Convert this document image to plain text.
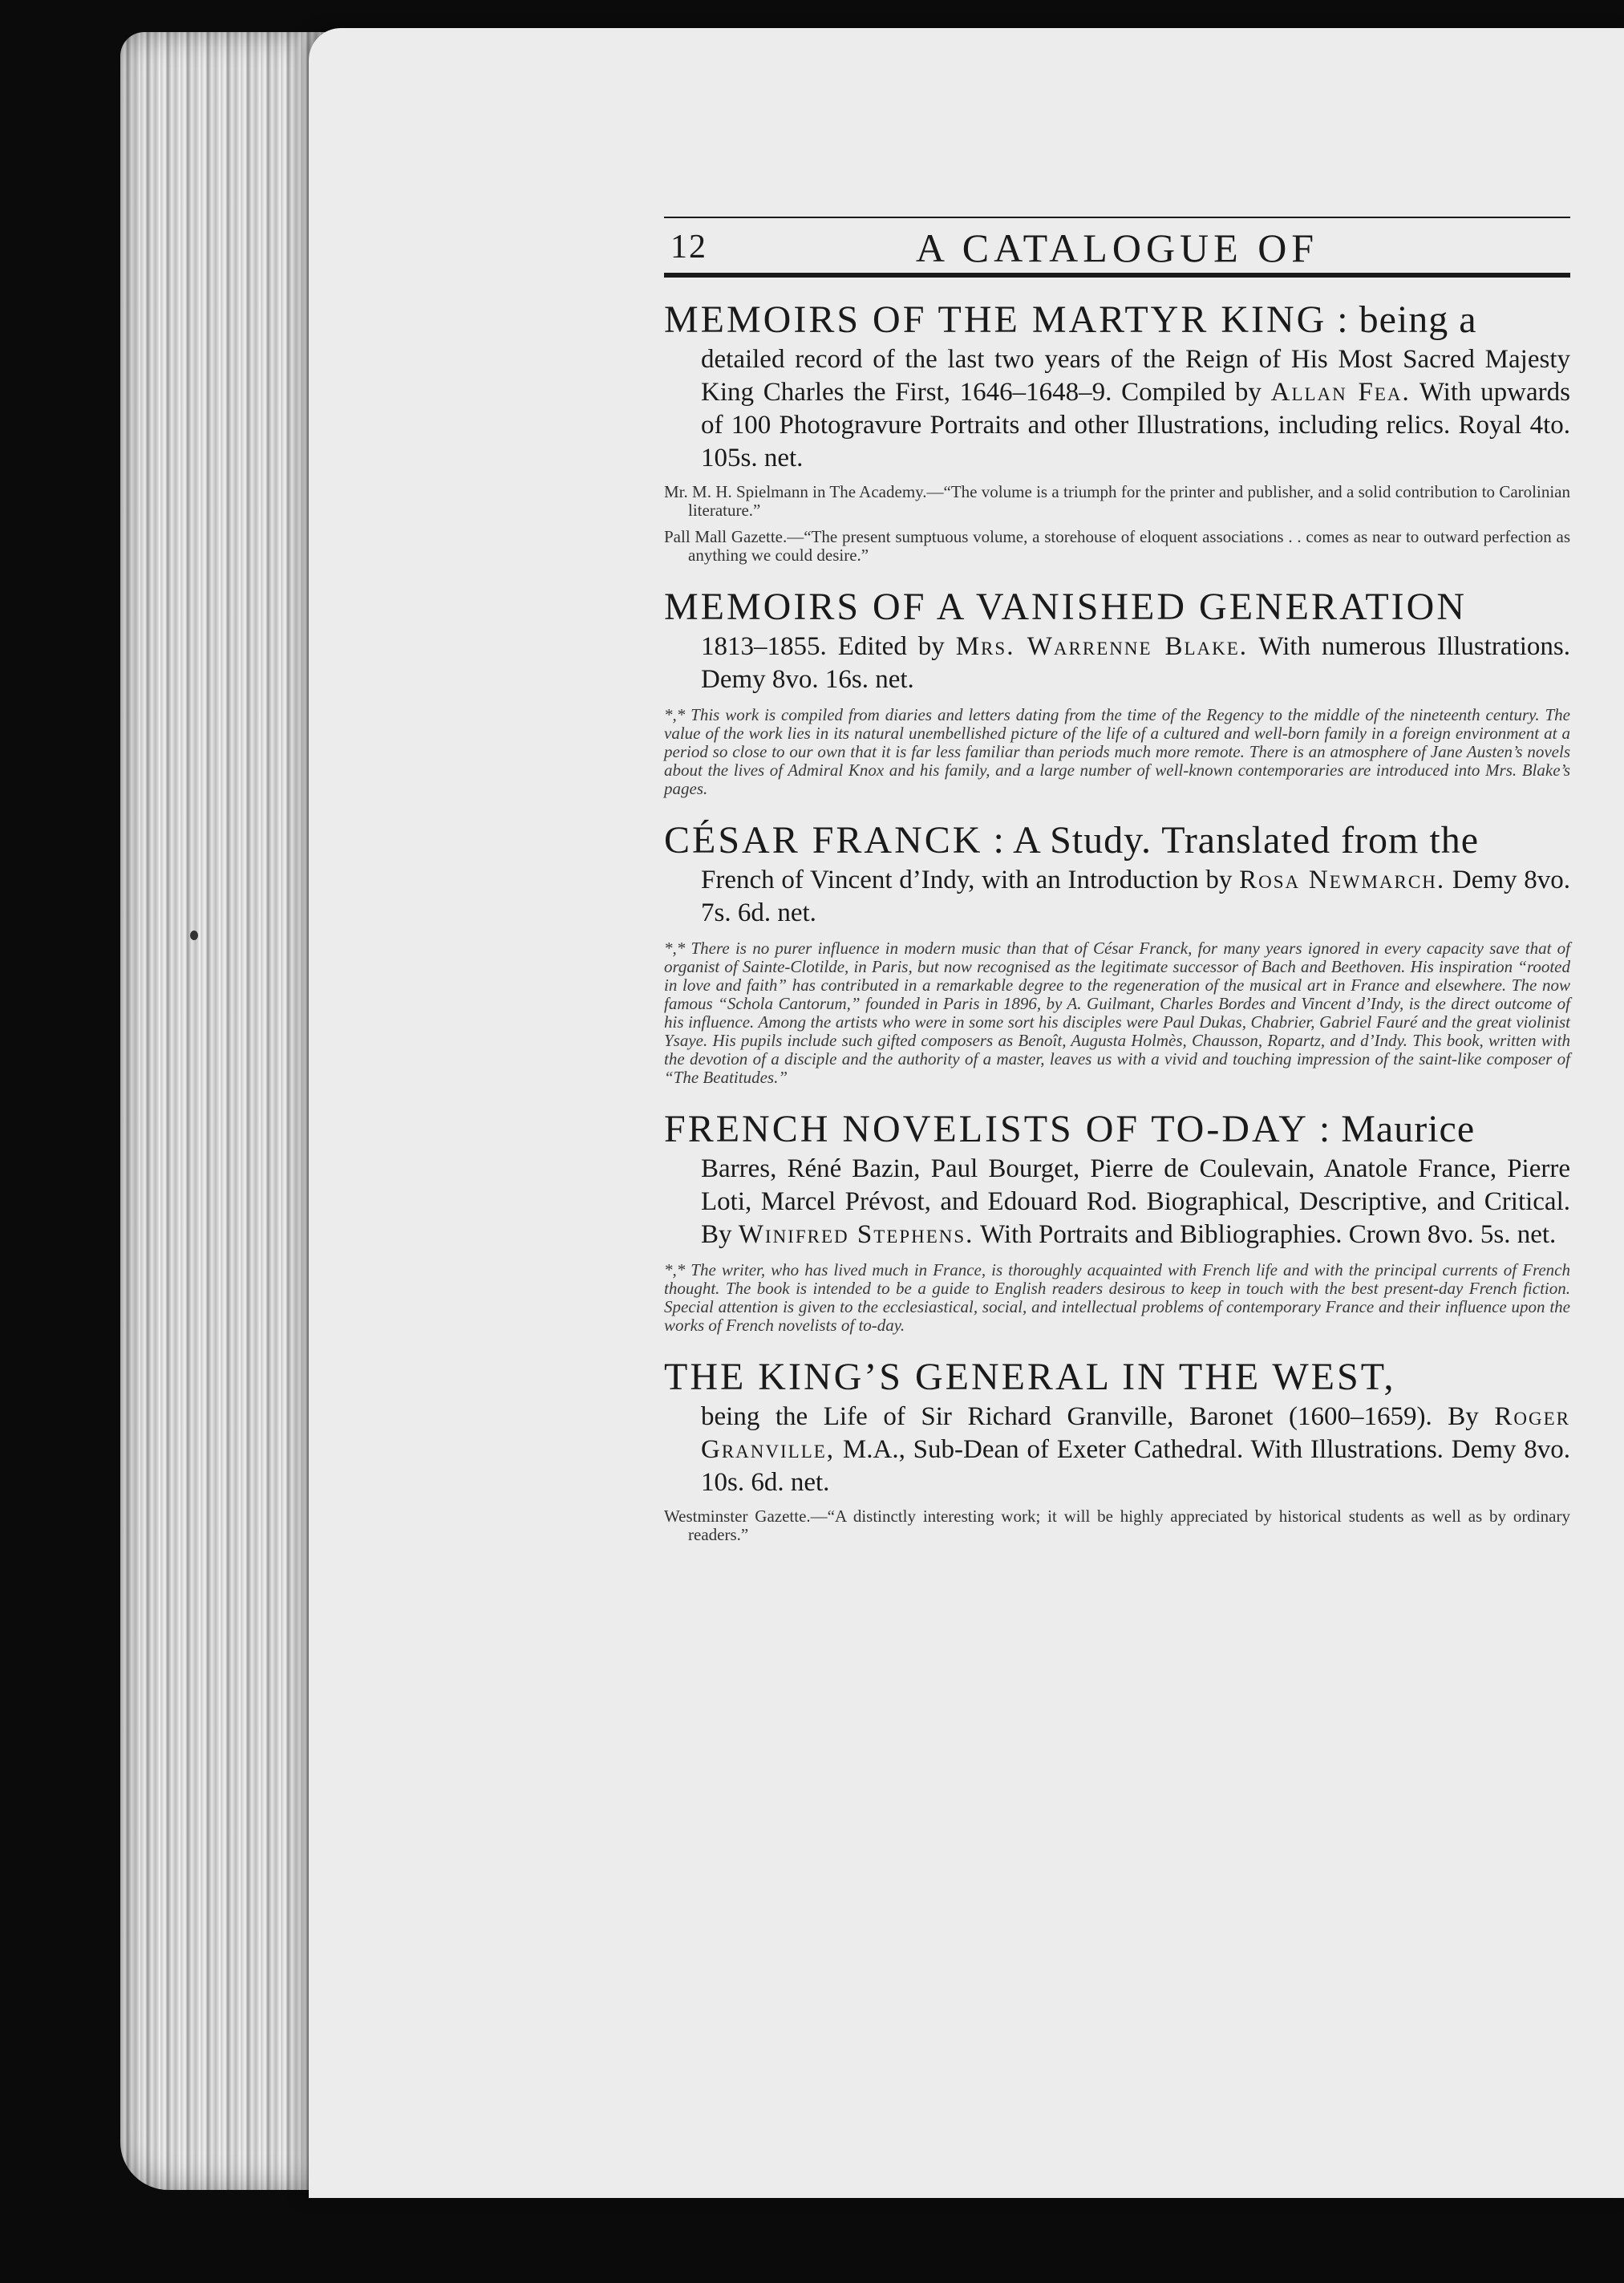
12	A CATALOGUE OF
MEMOIRS OF THE MARTYR KING : being a
detailed record of the last two years of the Reign of His Most Sacred Majesty King Charles the First, 1646–1648–9. Compiled by Allan Fea. With upwards of 100 Photogravure Portraits and other Illustrations, including relics. Royal 4to. 105s. net.
Mr. M. H. Spielmann in The Academy.—“The volume is a triumph for the printer and publisher, and a solid contribution to Carolinian literature.”
Pall Mall Gazette.—“The present sumptuous volume, a storehouse of eloquent associations . . comes as near to outward perfection as anything we could desire.”
MEMOIRS OF A VANISHED GENERATION
1813–1855. Edited by Mrs. Warrenne Blake. With numerous Illustrations. Demy 8vo. 16s. net.
*,* This work is compiled from diaries and letters dating from the time of the Regency to the middle of the nineteenth century. The value of the work lies in its natural unembellished picture of the life of a cultured and well-born family in a foreign environment at a period so close to our own that it is far less familiar than periods much more remote. There is an atmosphere of Jane Austen’s novels about the lives of Admiral Knox and his family, and a large number of well-known contemporaries are introduced into Mrs. Blake’s pages.
CÉSAR FRANCK : A Study. Translated from the
French of Vincent d’Indy, with an Introduction by Rosa Newmarch. Demy 8vo. 7s. 6d. net.
*,* There is no purer influence in modern music than that of César Franck, for many years ignored in every capacity save that of organist of Sainte-Clotilde, in Paris, but now recognised as the legitimate successor of Bach and Beethoven. His inspiration “rooted in love and faith” has contributed in a remarkable degree to the regeneration of the musical art in France and elsewhere. The now famous “Schola Cantorum,” founded in Paris in 1896, by A. Guilmant, Charles Bordes and Vincent d’Indy, is the direct outcome of his influence. Among the artists who were in some sort his disciples were Paul Dukas, Chabrier, Gabriel Fauré and the great violinist Ysaye. His pupils include such gifted composers as Benoît, Augusta Holmès, Chausson, Ropartz, and d’Indy. This book, written with the devotion of a disciple and the authority of a master, leaves us with a vivid and touching impression of the saint-like composer of “The Beatitudes.”
FRENCH NOVELISTS OF TO-DAY : Maurice
Barres, Réné Bazin, Paul Bourget, Pierre de Coulevain, Anatole France, Pierre Loti, Marcel Prévost, and Edouard Rod. Biographical, Descriptive, and Critical. By Winifred Stephens. With Portraits and Bibliographies. Crown 8vo. 5s. net.
*,* The writer, who has lived much in France, is thoroughly acquainted with French life and with the principal currents of French thought. The book is intended to be a guide to English readers desirous to keep in touch with the best present-day French fiction. Special attention is given to the ecclesiastical, social, and intellectual problems of contemporary France and their influence upon the works of French novelists of to-day.
THE KING’S GENERAL IN THE WEST,
being the Life of Sir Richard Granville, Baronet (1600–1659). By Roger Granville, M.A., Sub-Dean of Exeter Cathedral. With Illustrations. Demy 8vo. 10s. 6d. net.
Westminster Gazette.—“A distinctly interesting work; it will be highly appreciated by historical students as well as by ordinary readers.”
